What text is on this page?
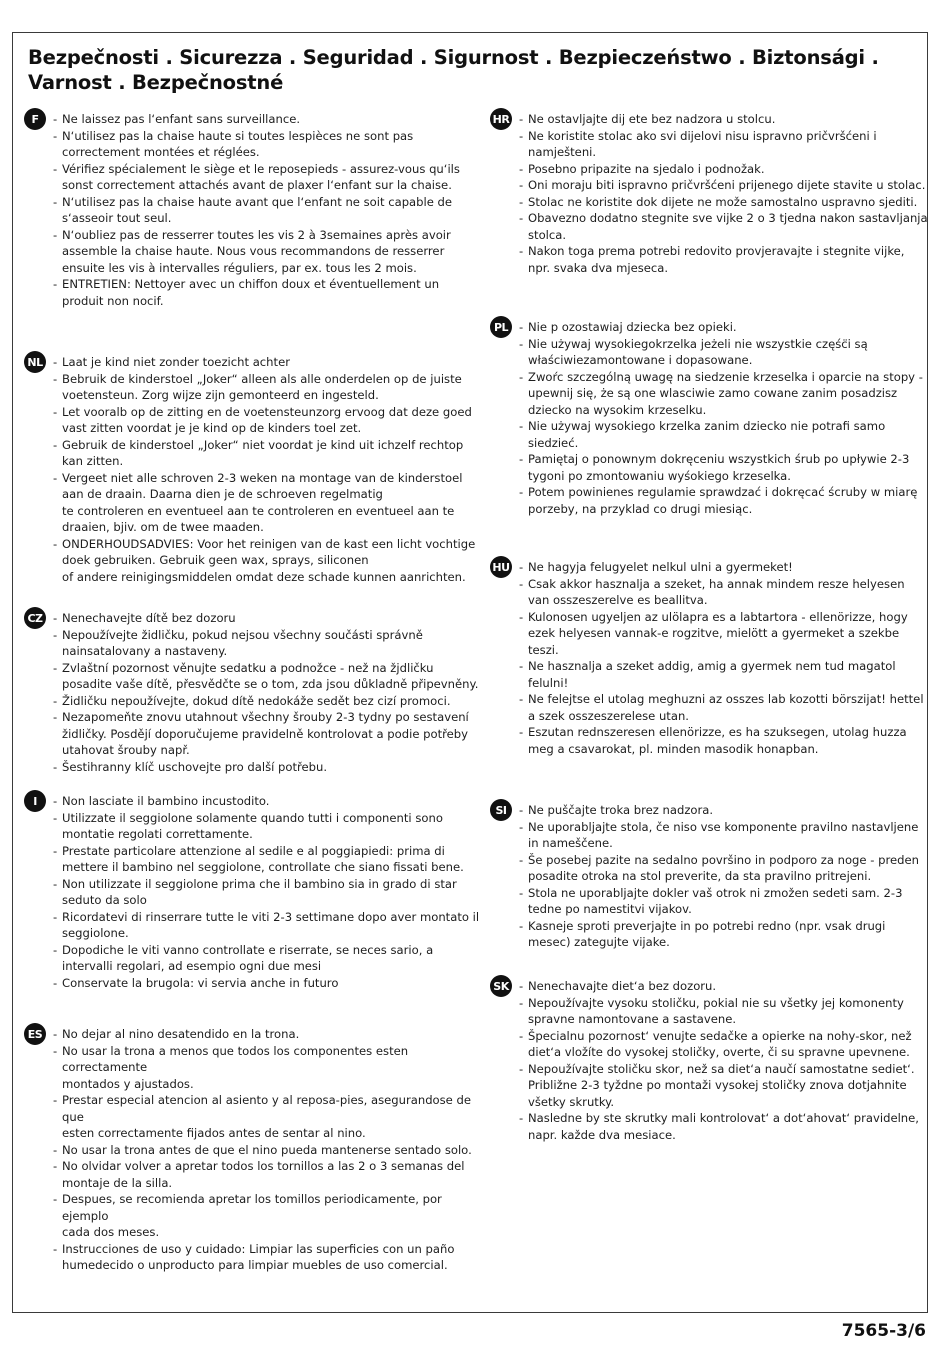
Bezpečnosti . Sicurezza . Seguridad . Sigurnost . Bezpieczeństwo . Biztonsági . Varnost . Bezpečnostné
F	- Ne laissez pas l‘enfant sans surveillance.
- N‘utilisez pas la chaise haute si toutes lespièces ne sont pas correctement montées et réglées.
- Vérifiez spécialement le siège et le reposepieds - assurez-vous qu‘ils sonst correctement attachés avant de plaxer l‘enfant sur la chaise.
- N‘utilisez pas la chaise haute avant que l‘enfant ne soit capable de s‘asseoir tout seul.
- N‘oubliez pas de resserrer toutes les vis 2 à 3semaines après avoir assemble la chaise haute. Nous vous recommandons de resserrer ensuite les vis à intervalles réguliers, par ex. tous les 2 mois.
- ENTRETIEN: Nettoyer avec un chiffon doux et éventuellement un produit non nocif.
NL	- Laat je kind niet zonder toezicht achter
- Bebruik de kinderstoel „Joker“ alleen als alle onderdelen op de juiste voetensteun. Zorg wijze zijn gemonteerd en ingesteld.
- Let vooralb op de zitting en de voetensteunzorg ervoog dat deze goed vast zitten voordat je je kind op de kinders toel zet.
- Gebruik de kinderstoel „Joker“ niet voordat je kind uit ichzelf rechtop kan zitten.
- Vergeet niet alle schroven 2-3 weken na montage van de kinderstoel aan de draain. Daarna dien je de schroeven regelmatig
te controleren en eventueel aan te controleren en eventueel aan te draaien, bjiv. om de twee maaden.
- ONDERHOUDSADVIES: Voor het reinigen van de kast een licht vochtige doek gebruiken. Gebruik geen wax, sprays, siliconen
of andere reinigingsmiddelen omdat deze schade kunnen aanrichten.
CZ	- Nenechavejte dítě bez dozoru
- Nepoužívejte židličku, pokud nejsou všechny součásti správně nainsatalovany a nastaveny.
- Zvlaštní pozornost věnujte sedatku a podnožce - než na žjdličku posadite vaše dítě, přesvědčte se o tom, zda jsou důkladně připevněny.
- Židličku nepoužívejte, dokud dítě nedokáže sedět bez cizí promoci.
- Nezapomeňte znovu utahnout všechny šrouby 2-3 tydny po sestavení židličky. Posdějí doporučujeme pravidelně kontrolovat a podie potřeby utahovat šrouby např.
- Šestihranny klíč uschovejte pro další potřebu.
I	- Non lasciate il bambino incustodito.
- Utilizzate il seggiolone solamente quando tutti i componenti sono montatie regolati correttamente.
- Prestate particolare attenzione al sedile e al poggiapiedi: prima di mettere il bambino nel seggiolone, controllate che siano fissati bene.
- Non utilizzate il seggiolone prima che il bambino sia in grado di star seduto da solo
- Ricordatevi di rinserrare tutte le viti 2-3 settimane dopo aver montato il seggiolone.
- Dopodiche le viti vanno controllate e riserrate, se neces sario, a intervalli regolari, ad esempio ogni due mesi
- Conservate la brugola: vi servia anche in futuro
ES	- No dejar al nino desatendido en la trona.
- No usar la trona a menos que todos los componentes esten correctamente
montados y ajustados.
- Prestar especial atencion al asiento y al reposa-pies, asegurandose de que
esten correctamente fijados antes de sentar al nino.
- No usar la trona antes de que el nino pueda mantenerse sentado solo.
- No olvidar volver a apretar todos los tornillos a las 2 o 3 semanas del montaje de la silla.
- Despues, se recomienda apretar los tomillos periodicamente, por ejemplo
cada dos meses.
- Instrucciones de uso y cuidado: Limpiar las superficies con un paño humedecido o unproducto para limpiar muebles de uso comercial.
HR	- Ne ostavljajte dij ete bez nadzora u stolcu.
- Ne koristite stolac ako svi dijelovi nisu ispravno pričvršćeni i namješteni.
- Posebno pripazite na sjedalo i podnožak.
- Oni moraju biti ispravno pričvršćeni prijenego dijete stavite u stolac.
- Stolac ne koristite dok dijete ne može samostalno uspravno sjediti.
- Obavezno dodatno stegnite sve vijke 2 o 3 tjedna nakon sastavljanja stolca.
- Nakon toga prema potrebi redovito provjeravajte i stegnite vijke, npr. svaka dva mjeseca.
PL	- Nie p ozostawiaj dziecka bez opieki.
- Nie używaj wysokiegokrzelka jeżeli nie wszystkie częśc̈i są właściwiezamontowane i dopasowane.
- Zwoŕc szczególną uwagę na siedzenie krzeselka i oparcie na stopy - upewnij się, że są one wlasciwie zamo cowane zanim posadzisz dziecko na wysokim krzeselku.
- Nie używaj wysokiego krzelka zanim dziecko nie potrafi samo siedzieć.
- Pamiętaj o ponownym dokręceniu wszystkich śrub po upływie 2-3 tygoni po zmontowaniu wyśokiego krzeselka.
- Potem powinienes regulamie sprawdzać i dokręcać ścruby w miarę porzeby, na przyklad co drugi miesiąc.
HU	- Ne hagyja felugyelet nelkul ulni a gyermeket!
- Csak akkor hasznalja a szeket, ha annak mindem resze helyesen van osszeszerelve es beallitva.
- Kulonosen ugyeljen az ulölapra es a labtartora - ellenörizze, hogy ezek helyesen vannak-e rogzitve, mielött a gyermeket a szekbe teszi.
- Ne hasznalja a szeket addig, amig a gyermek nem tud magatol felulni!
- Ne felejtse el utolag meghuzni az osszes lab kozotti börszijat! hettel a szek osszeszerelese utan.
- Eszutan rednszeresen ellenörizze, es ha szuksegen, utolag huzza meg a csavarokat, pl. minden masodik honapban.
SI	- Ne puščajte troka brez nadzora.
- Ne uporabljajte stola, če niso vse komponente pravilno nastavljene in nameščene.
- Še posebej pazite na sedalno površino in podporo za noge - preden posadite otroka na stol preverite, da sta pravilno pritrejeni.
- Stola ne uporabljajte dokler vaš otrok ni zmožen sedeti sam. 2-3 tedne po namestitvi vijakov.
- Kasneje sproti preverjajte in po potrebi redno (npr. vsak drugi mesec) zategujte vijake.
SK	- Nenechavajte diet‘a bez dozoru.
- Nepoužívajte vysoku stoličku, pokial nie su všetky jej komonenty spravne namontovane a sastavene.
- Špecialnu pozornost‘ venujte sedačke a opierke na nohy-skor, než diet‘a vložíte do vysokej stoličky, overte, či su spravne upevnene.
- Nepoužívajte stoličku skor, než sa diet‘a naučí samostatne sediet‘. Približne 2-3 tyždne po montaži vysokej stoličky znova dotjahnite všetky skrutky.
- Nasledne by ste skrutky mali kontrolovat‘ a dot‘ahovat‘ pravidelne, napr. každe dva mesiace.
7565-3/6
